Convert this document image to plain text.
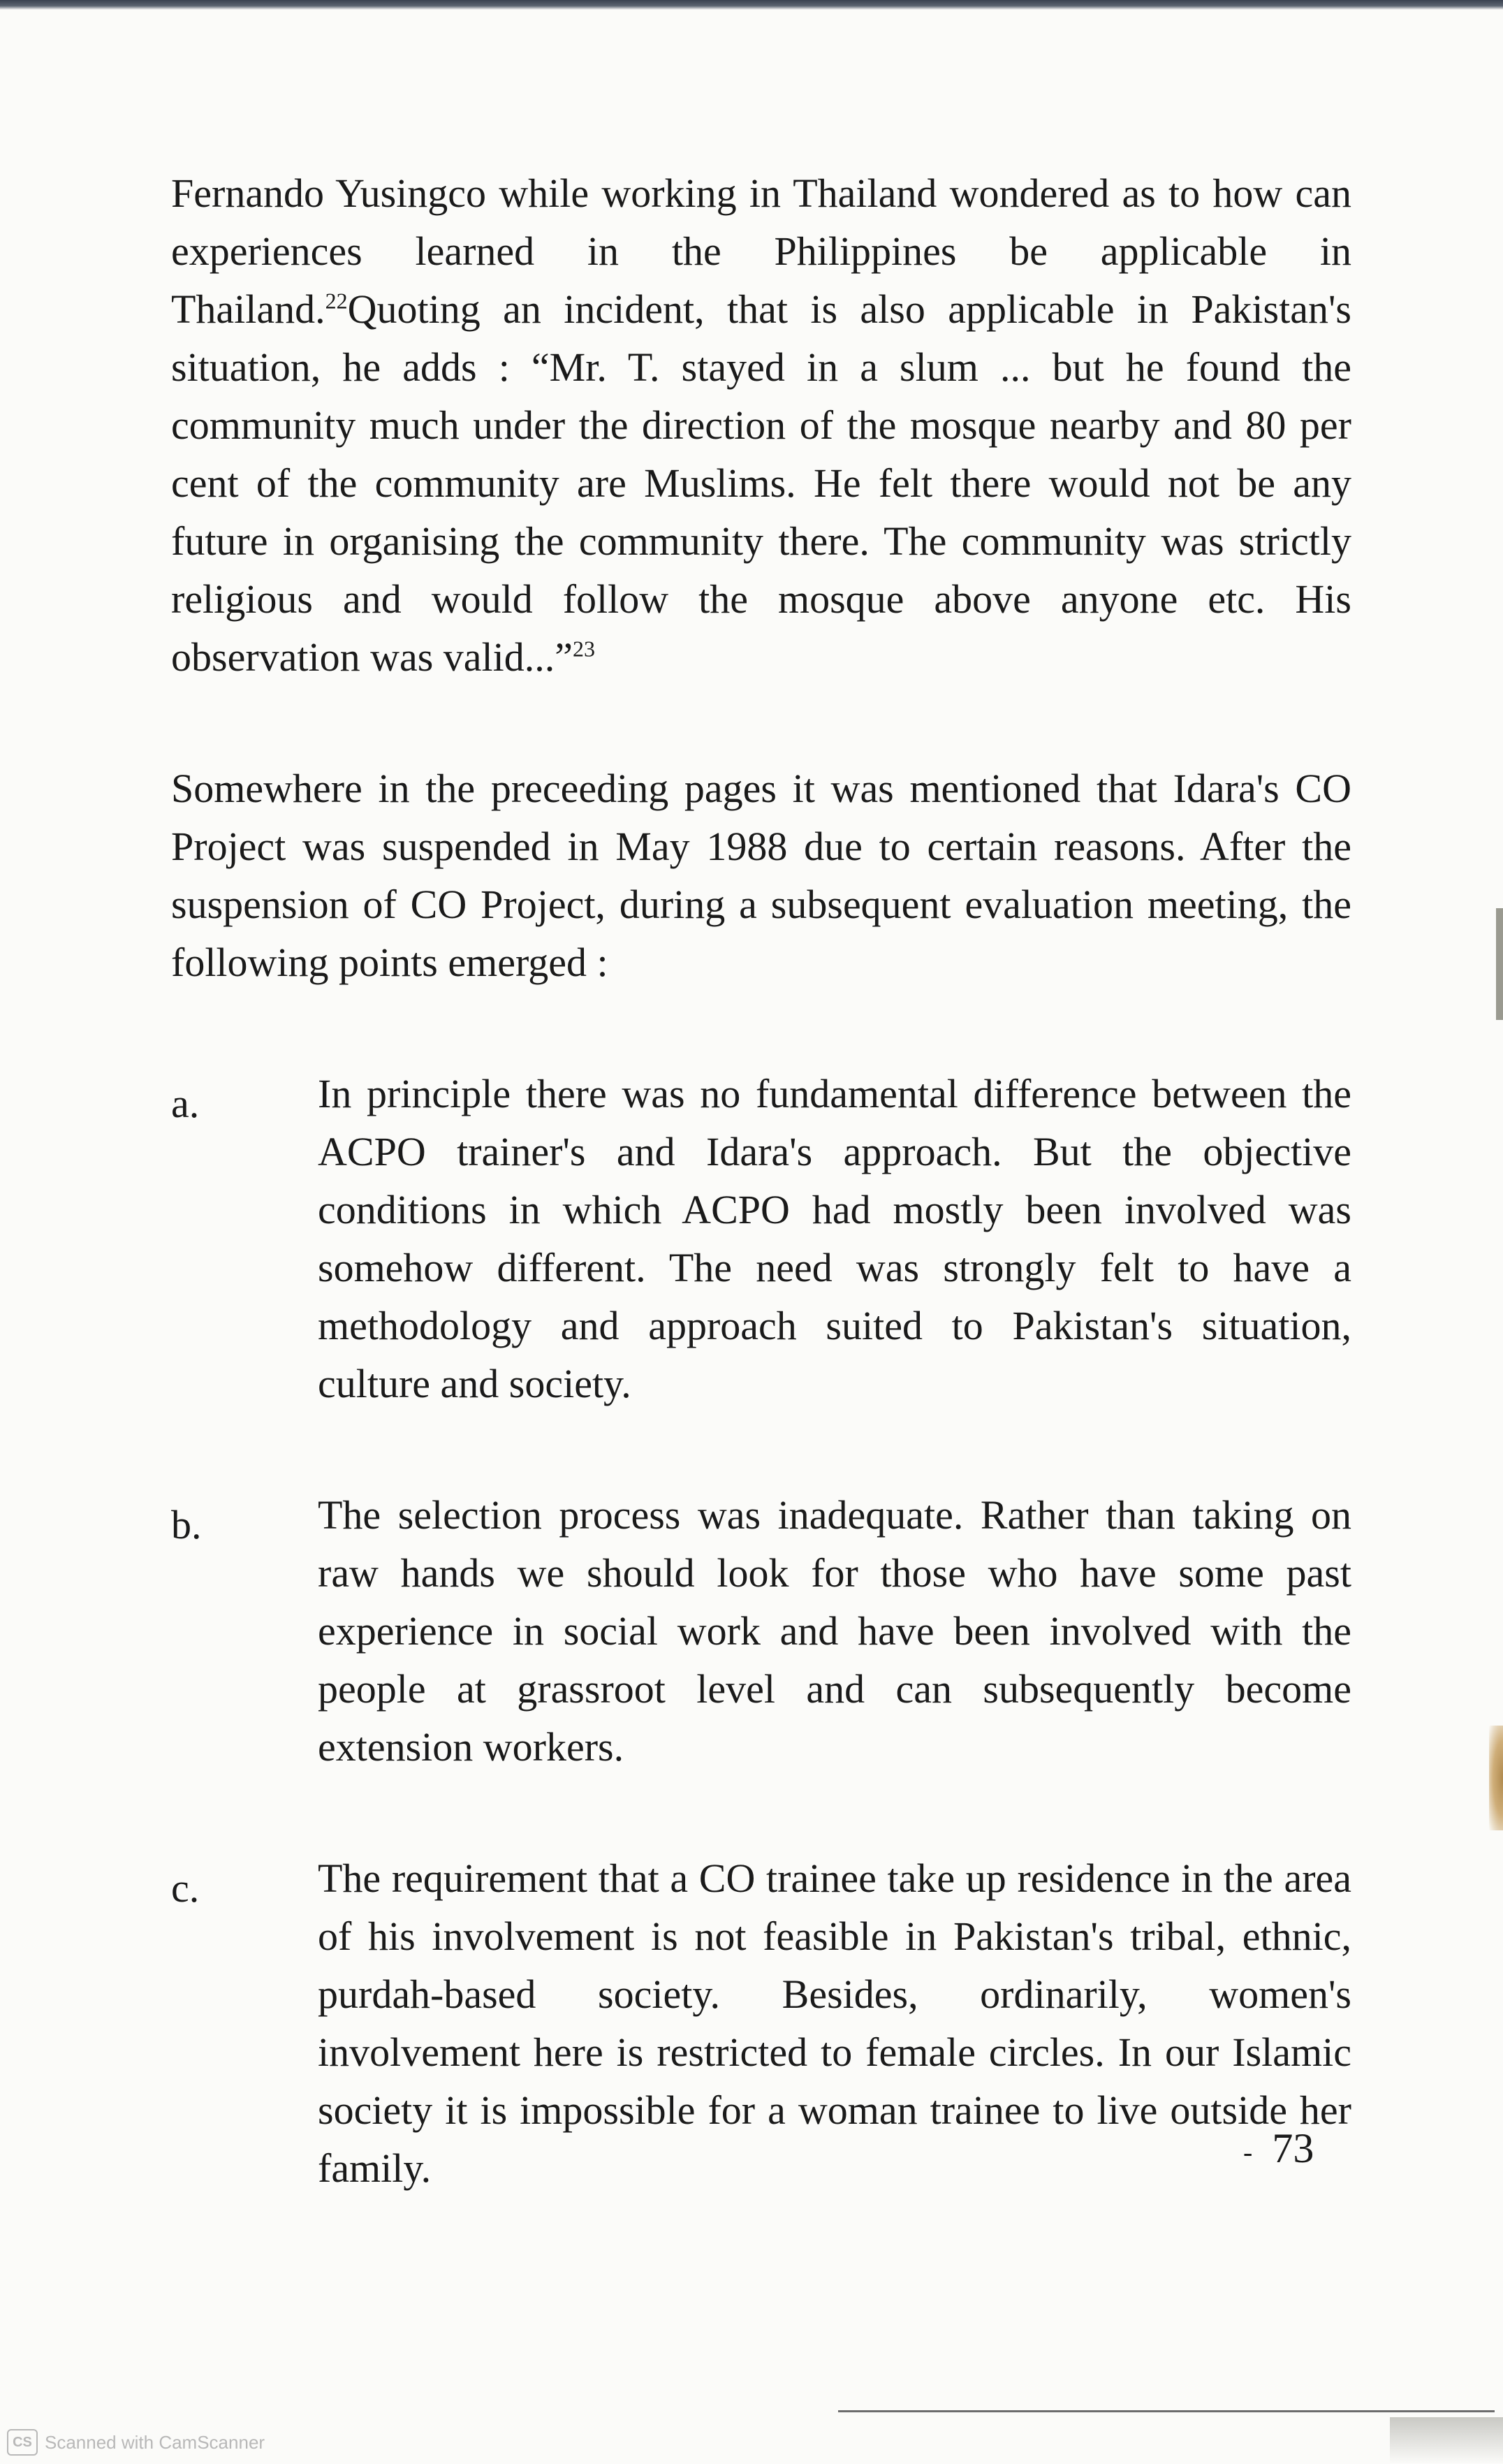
Fernando Yusingco while working in Thailand wondered as to how can experiences learned in the Philippines be applicable in Thailand.$^{22}$Quoting an incident, that is also applicable in Pakistan's situation, he adds : “Mr. T. stayed in a slum ... but he found the community much under the direction of the mosque nearby and 80 per cent of the community are Muslims. He felt there would not be any future in organising the community there. The community was strictly religious and would follow the mosque above anyone etc. His observation was valid...”$^{23}$

Somewhere in the preceeding pages it was mentioned that Idara's CO Project was suspended in May 1988 due to certain reasons. After the suspension of CO Project, during a subsequent evaluation meeting, the following points emerged :

a.	In principle there was no fundamental difference between the ACPO trainer's and Idara's approach. But the objective conditions in which ACPO had mostly been involved was somehow different. The need was strongly felt to have a methodology and approach suited to Pakistan's situation, culture and society.

b.	The selection process was inadequate. Rather than taking on raw hands we should look for those who have some past experience in social work and have been involved with the people at grassroot level and can subsequently become extension workers.

c.	The requirement that a CO trainee take up residence in the area of his involvement is not feasible in Pakistan's tribal, ethnic, purdah-based society. Besides, ordinarily, women's involvement here is restricted to female circles. In our Islamic society it is impossible for a woman trainee to live outside her family.	- 73
CS Scanned with CamScanner
